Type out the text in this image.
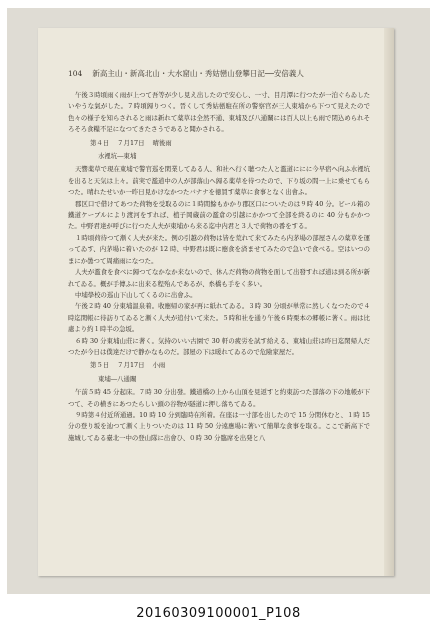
104 新高主山・新高北山・大水窟山・秀姑巒山登攀日記──安倍義人

午後３時頃雨く雨が上つて吾等が少し見え出したので安心し、一寸、目月潭に行つたが一泊ぐらゐしたいやうな氣がした。７時頃歸りつく。晉くして秀姑巒駐在所の警察官が三人東埔から下つて見えたので色々の様子を知らされると雨は新れて薬草は全然不通、東埔及び八通關には百人以上も雨で閉込められそろそろ食糧不足になつてきたさうであると聞かされる。

第４日 ７月17日 晴後雨

水裡坑―東埔

天響薬草で現在東埔で警官巡を閑業してゐる人、和社へ行く聴つた人と濫道ににに今早宿へ向ふ水裡坑を出ると天気は上々。前実で濫道中の人が部落山へ歸る薬草を待つたので、下り坂の間一上に乗せてもらつた。晴れたせいか一昨日見かけなかつたバナナを徳買す薬草に食事となく出會ふ。

郡区口で借けてあつた荷物を受取るのに１時間餘もかかり郡区口についたのは９時 40 分。ビール箱の鐵道ケーブルにより渡河をすれば、植子岡蔵前の濫倉の引越にかかつて全部を終るのに 40 分もかかつた。中野君達が呼びに行つた人夫が東埔から来る迄中内君と３人で荷物の番をする。

１時頃荷待つて漸く人夫が来た。例の引越の荷物は皆を荒れて来てみたら内茅場の部屋さんの薬草を運ってゐす、内茅場に着いたのが 12 時、中野君は既に應食を済ませてみたので急いで食べる。空はいつのまにか曇つて周痛雨になつた。

人夫が濫食を食べに歸つてなかなか来ないので、休んだ荷物の荷物を面して出發すれば道は到る所が新れてゐる。概が手傳ふに出来る程殆んであるが、糸橋も手をく多い。

中埔學校の巡山下山してくるのに出會ふ。

午後２時 40 分東埔温泉着。收應帰の家が再に紙れてゐる。３時 30 分頃が単常に然しくなつたので４時迄閑帳に待訪りてゐると漸く人夫が追付いて来た。５時和社を通り午後６時栗本の郷帳に著く。雨は比處より約１時半の急坂。

６時 30 分東埔山莊に著く。気持のいい古園で 30 軒の疲労を試す給える、東埔山莊は昨日迄閑帰人だつたが今日は僕達だけで静かなものだ。部屋の下は暖れてゐるので危險家屋だ。

第５日 ７月17日 小雨

東埔―八通關

午前５時 45 分起床。７時 30 分出發。鐵道橋の上から山頂を見返すと約東訪つた部落の下の地帳が下つて、その横きにあつたらしい頭の谷物が隧道に押し落ちてゐる。

９時第４付近所通過。10 時 10 分到臨時在所着。在座は一寸部を出したので 15 分閑休むと、１時 15 分の登り坂を辿つて漸く上りついたのは 11 時 50 分遠應場に著いて簡單な食事を取る。ここで新高下で施城してゐる臺北一中の登山隊に出會ひ、０時 30 分臨席を出発と八

20160309100001_P108
